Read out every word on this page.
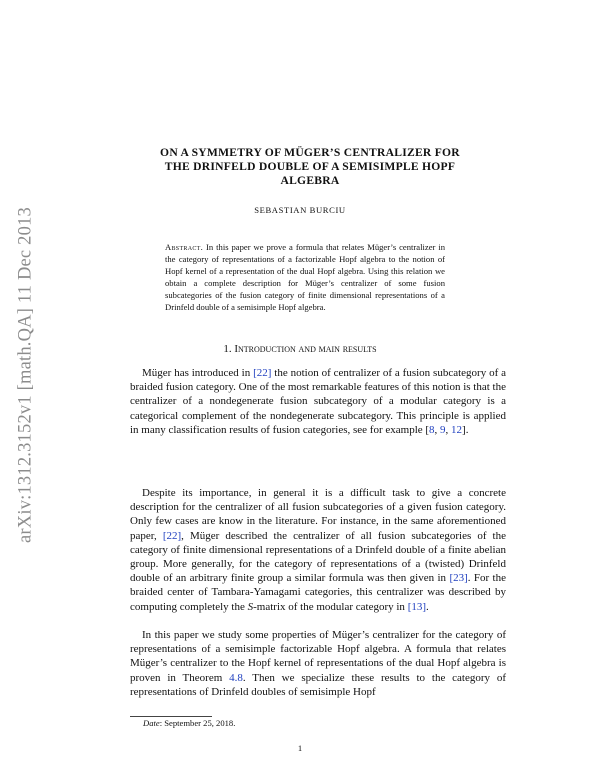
arXiv:1312.3152v1 [math.QA] 11 Dec 2013
ON A SYMMETRY OF MÜGER’S CENTRALIZER FOR
THE DRINFELD DOUBLE OF A SEMISIMPLE HOPF
ALGEBRA
SEBASTIAN BURCIU
Abstract. In this paper we prove a formula that relates Müger’s centralizer in the category of representations of a factorizable Hopf algebra to the notion of Hopf kernel of a representation of the dual Hopf algebra. Using this relation we obtain a complete description for Müger’s centralizer of some fusion subcategories of the fusion category of finite dimensional representations of a Drinfeld double of a semisimple Hopf algebra.
1. Introduction and main results

Müger has introduced in [22] the notion of centralizer of a fusion subcategory of a braided fusion category. One of the most remarkable features of this notion is that the centralizer of a nondegenerate fusion subcategory of a modular category is a categorical complement of the nondegenerate subcategory. This principle is applied in many classification results of fusion categories, see for example [8, 9, 12].

Despite its importance, in general it is a difficult task to give a concrete description for the centralizer of all fusion subcategories of a given fusion category. Only few cases are know in the literature. For instance, in the same aforementioned paper, [22], Müger described the centralizer of all fusion subcategories of the category of finite dimensional representations of a Drinfeld double of a finite abelian group. More generally, for the category of representations of a (twisted) Drinfeld double of an arbitrary finite group a similar formula was then given in [23]. For the braided center of Tambara-Yamagami categories, this centralizer was described by computing completely the S-matrix of the modular category in [13].

In this paper we study some properties of Müger’s centralizer for the category of representations of a semisimple factorizable Hopf algebra. A formula that relates Müger’s centralizer to the Hopf kernel of representations of the dual Hopf algebra is proven in Theorem 4.8. Then we specialize these results to the category of representations of Drinfeld doubles of semisimple Hopf

Date: September 25, 2018.
1
